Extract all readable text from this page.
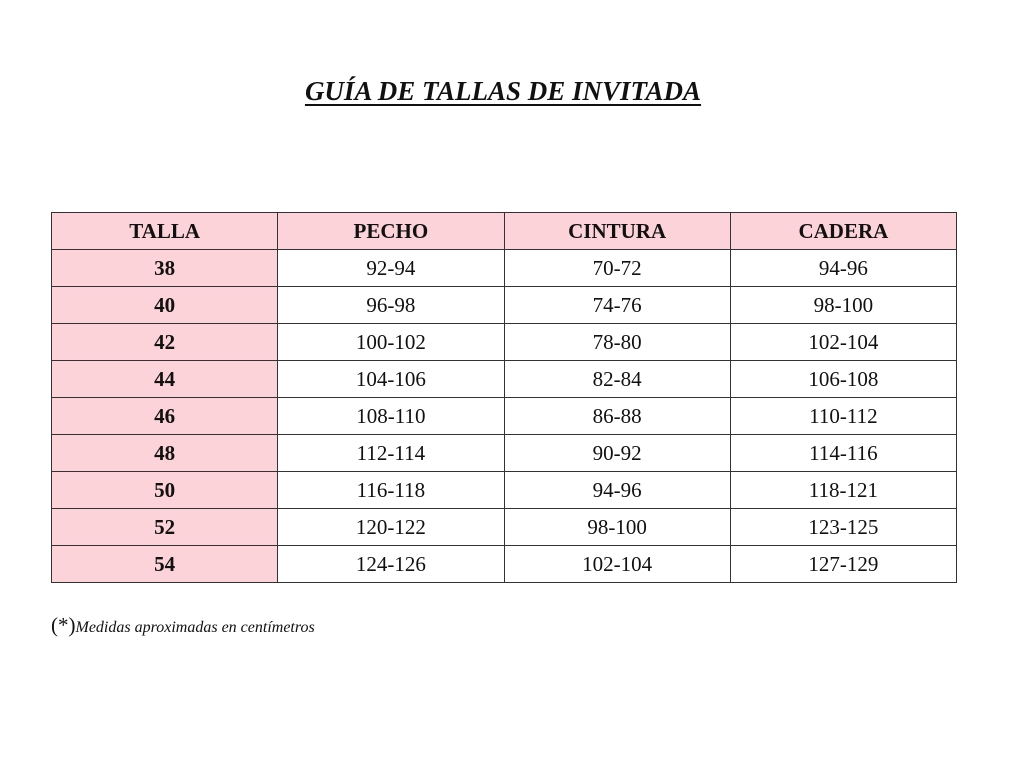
GUÍA DE TALLAS DE INVITADA
TALLA	PECHO	CINTURA	CADERA
38	92-94	70-72	94-96
40	96-98	74-76	98-100
42	100-102	78-80	102-104
44	104-106	82-84	106-108
46	108-110	86-88	110-112
48	112-114	90-92	114-116
50	116-118	94-96	118-121
52	120-122	98-100	123-125
54	124-126	102-104	127-129

(*)Medidas aproximadas en centímetros
